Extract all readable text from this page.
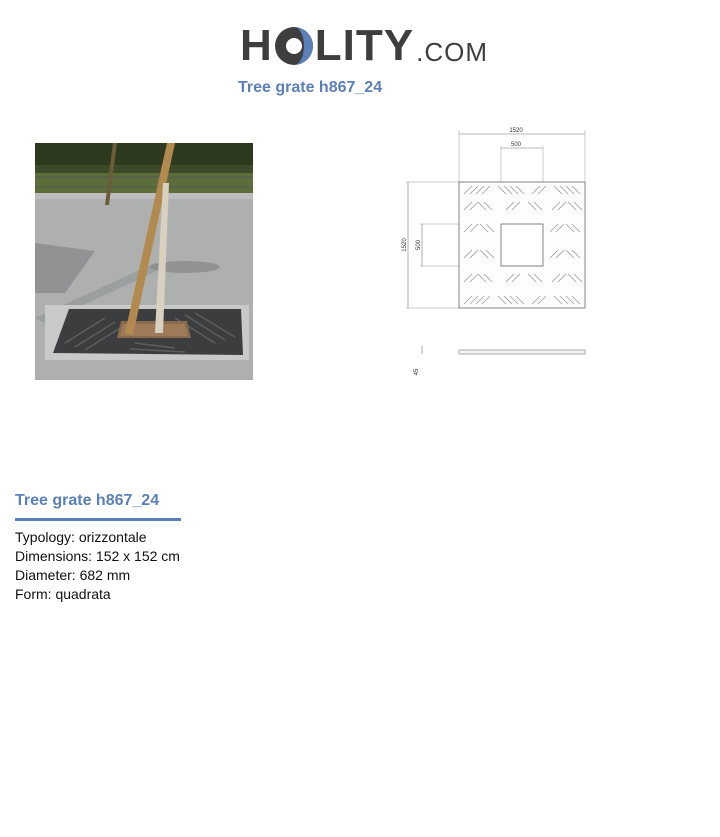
H LITY .COM
Tree grate h867_24
1520
500
1520 500
45
Tree grate h867_24
Typology: orizzontale
Dimensions: 152 x 152 cm
Diameter: 682 mm
Form: quadrata
